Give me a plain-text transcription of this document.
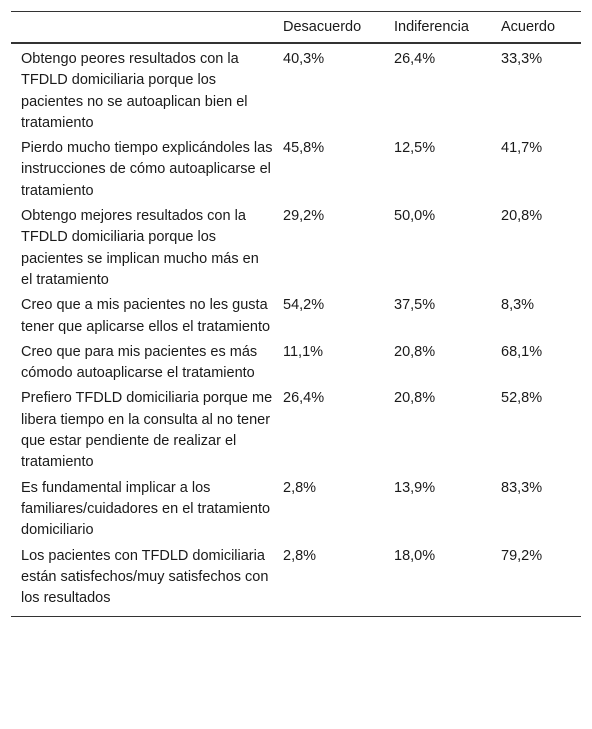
	Desacuerdo	Indiferencia	Acuerdo
Obtengo peores resultados con la TFDLD domiciliaria porque los pacientes no se autoaplican bien el tratamiento	40,3%	26,4%	33,3%
Pierdo mucho tiempo explicándoles las instrucciones de cómo autoaplicarse el tratamiento	45,8%	12,5%	41,7%
Obtengo mejores resultados con la TFDLD domiciliaria porque los pacientes se implican mucho más en el tratamiento	29,2%	50,0%	20,8%
Creo que a mis pacientes no les gusta tener que aplicarse ellos el tratamiento	54,2%	37,5%	8,3%
Creo que para mis pacientes es más cómodo autoaplicarse el tratamiento	11,1%	20,8%	68,1%
Prefiero TFDLD domiciliaria porque me libera tiempo en la consulta al no tener que estar pendiente de realizar el tratamiento	26,4%	20,8%	52,8%
Es fundamental implicar a los familiares/cuidadores en el tratamiento domiciliario	2,8%	13,9%	83,3%
Los pacientes con TFDLD domiciliaria están satisfechos/muy satisfechos con los resultados	2,8%	18,0%	79,2%
